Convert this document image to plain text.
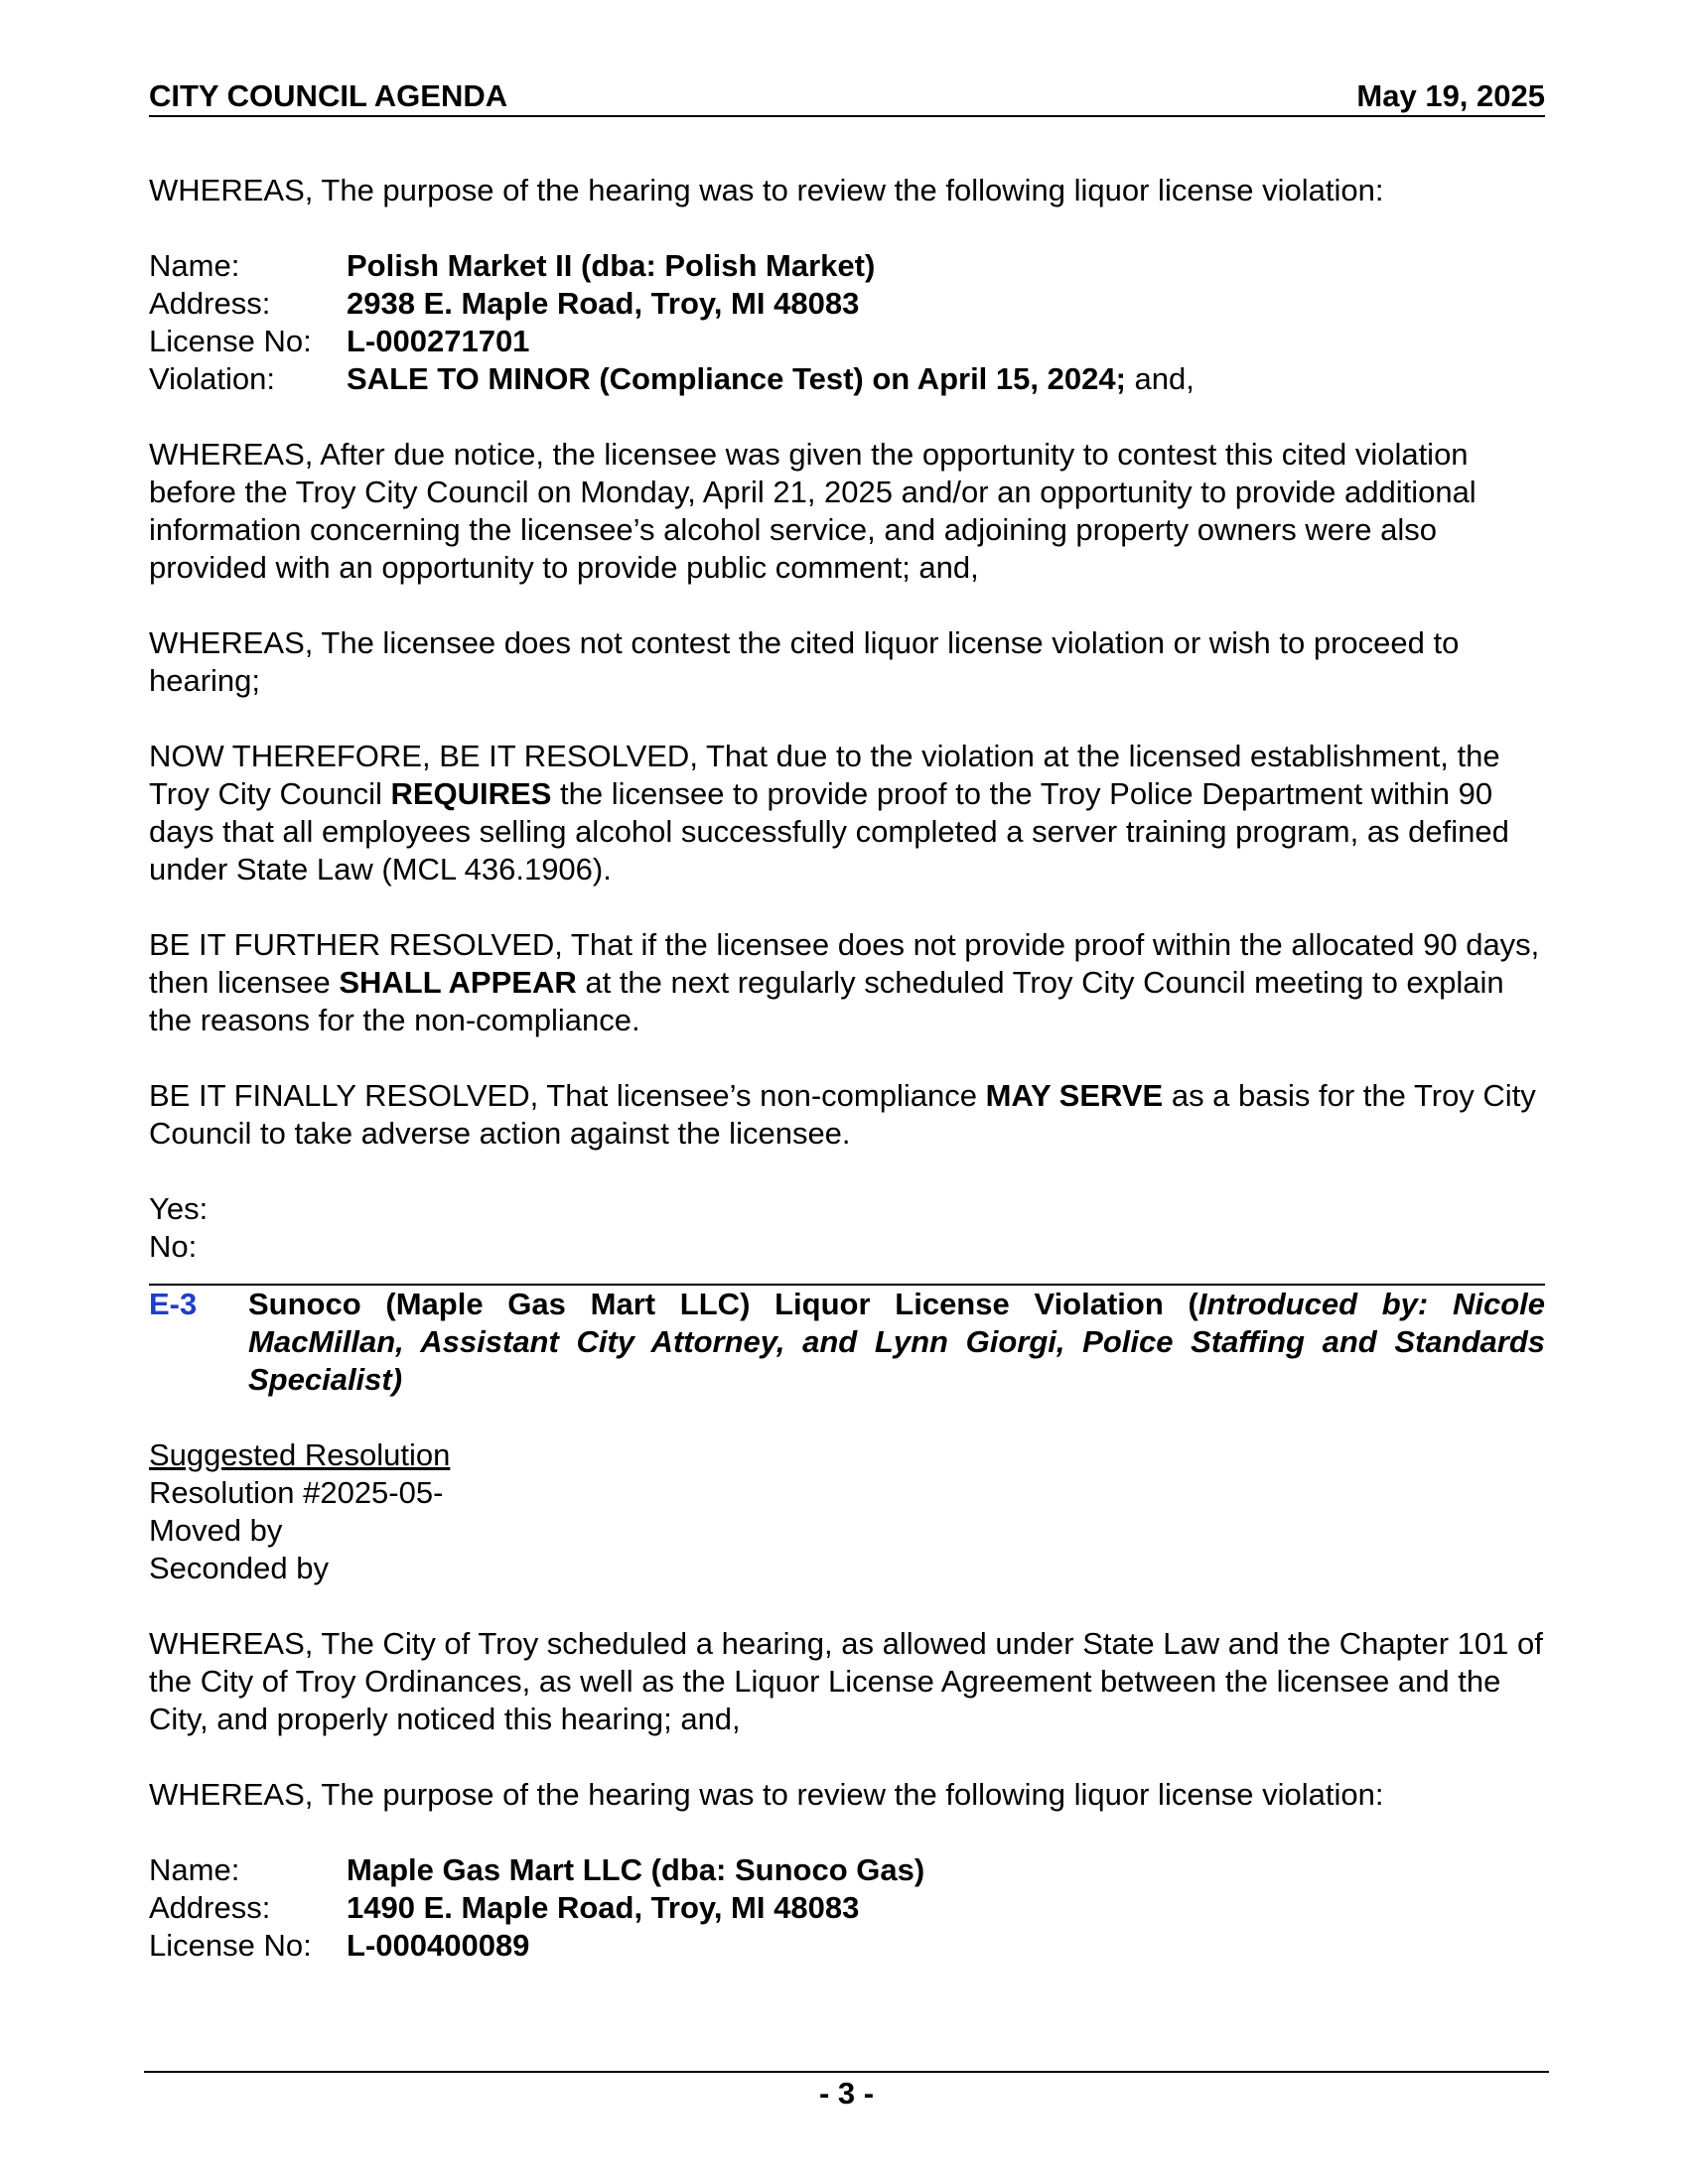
CITY COUNCIL AGENDA	May 19, 2025

WHEREAS, The purpose of the hearing was to review the following liquor license violation:

Name:	Polish Market II (dba: Polish Market)
Address:	2938 E. Maple Road, Troy, MI 48083
License No:	L-000271701
Violation:	SALE TO MINOR (Compliance Test) on April 15, 2024; and,

WHEREAS, After due notice, the licensee was given the opportunity to contest this cited violation before the Troy City Council on Monday, April 21, 2025 and/or an opportunity to provide additional information concerning the licensee’s alcohol service, and adjoining property owners were also provided with an opportunity to provide public comment; and,

WHEREAS, The licensee does not contest the cited liquor license violation or wish to proceed to hearing;

NOW THEREFORE, BE IT RESOLVED, That due to the violation at the licensed establishment, the Troy City Council REQUIRES the licensee to provide proof to the Troy Police Department within 90 days that all employees selling alcohol successfully completed a server training program, as defined under State Law (MCL 436.1906).

BE IT FURTHER RESOLVED, That if the licensee does not provide proof within the allocated 90 days, then licensee SHALL APPEAR at the next regularly scheduled Troy City Council meeting to explain the reasons for the non-compliance.

BE IT FINALLY RESOLVED, That licensee’s non-compliance MAY SERVE as a basis for the Troy City Council to take adverse action against the licensee.

Yes:

No:

E-3	Sunoco (Maple Gas Mart LLC) Liquor License Violation (Introduced by: Nicole MacMillan, Assistant City Attorney, and Lynn Giorgi, Police Staffing and Standards Specialist)

Suggested Resolution

Resolution #2025-05-

Moved by

Seconded by

WHEREAS, The City of Troy scheduled a hearing, as allowed under State Law and the Chapter 101 of the City of Troy Ordinances, as well as the Liquor License Agreement between the licensee and the City, and properly noticed this hearing; and,

WHEREAS, The purpose of the hearing was to review the following liquor license violation:

Name:	Maple Gas Mart LLC (dba: Sunoco Gas)
Address:	1490 E. Maple Road, Troy, MI 48083
License No:	L-000400089
- 3 -
